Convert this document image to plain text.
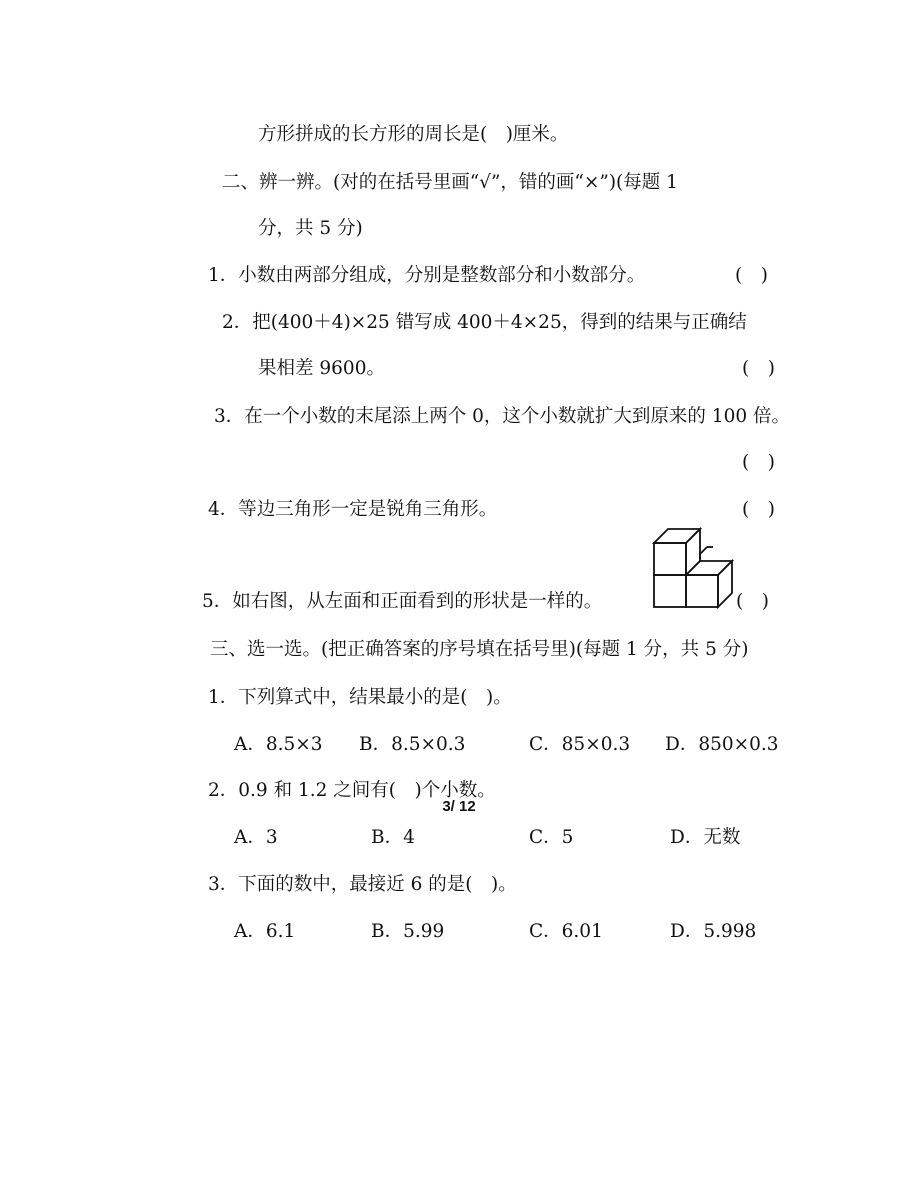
方形拼成的长方形的周长是(　)厘米。
二、辨一辨。(对的在括号里画“√”，错的画“×”)(每题 1
分，共 5 分)
1．小数由两部分组成，分别是整数部分和小数部分。	(　)
2．把(400＋4)×25 错写成 400＋4×25，得到的结果与正确结
果相差 9600。	(　)
3．在一个小数的末尾添上两个 0，这个小数就扩大到原来的 100 倍。
(　)
4．等边三角形一定是锐角三角形。	(　)
5．如右图，从左面和正面看到的形状是一样的。	(　)
三、选一选。(把正确答案的序号填在括号里)(每题 1 分，共 5 分)
1．下列算式中，结果最小的是(　)。
A．8.5×3 B．8.5×0.3	C．85×0.3 D．850×0.3
2．0.9 和 1.2 之间有(　)个小数。
A．3	B．4	C．5	D．无数
3．下面的数中，最接近 6 的是(　)。
A．6.1	B．5.99	C．6.01	D．5.998
3/ 12
